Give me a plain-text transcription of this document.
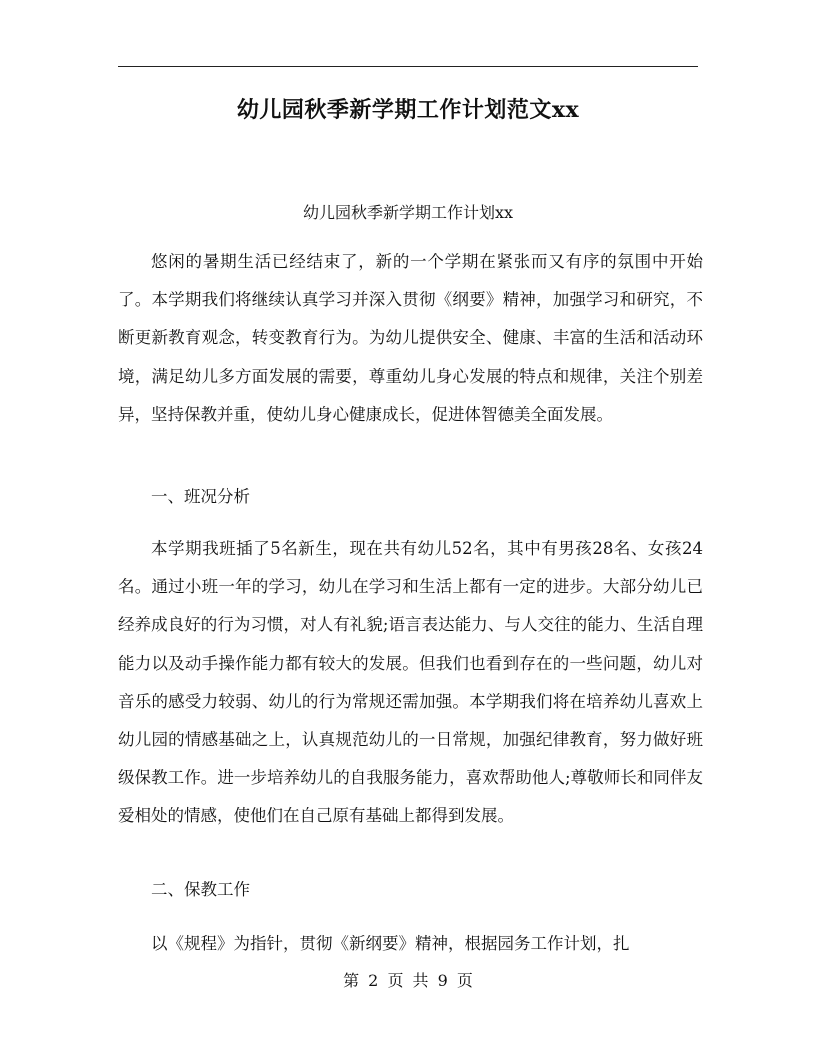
幼儿园秋季新学期工作计划范文xx
幼儿园秋季新学期工作计划xx
悠闲的暑期生活已经结束了，新的一个学期在紧张而又有序的氛围中开始了。本学期我们将继续认真学习并深入贯彻《纲要》精神，加强学习和研究，不断更新教育观念，转变教育行为。为幼儿提供安全、健康、丰富的生活和活动环境，满足幼儿多方面发展的需要，尊重幼儿身心发展的特点和规律，关注个别差异，坚持保教并重，使幼儿身心健康成长，促进体智德美全面发展。
一、班况分析
本学期我班插了5名新生，现在共有幼儿52名，其中有男孩28名、女孩24名。通过小班一年的学习，幼儿在学习和生活上都有一定的进步。大部分幼儿已经养成良好的行为习惯，对人有礼貌;语言表达能力、与人交往的能力、生活自理能力以及动手操作能力都有较大的发展。但我们也看到存在的一些问题，幼儿对音乐的感受力较弱、幼儿的行为常规还需加强。本学期我们将在培养幼儿喜欢上幼儿园的情感基础之上，认真规范幼儿的一日常规，加强纪律教育，努力做好班级保教工作。进一步培养幼儿的自我服务能力，喜欢帮助他人;尊敬师长和同伴友爱相处的情感，使他们在自己原有基础上都得到发展。
二、保教工作
以《规程》为指针，贯彻《新纲要》精神，根据园务工作计划，扎
第 2 页 共 9 页
